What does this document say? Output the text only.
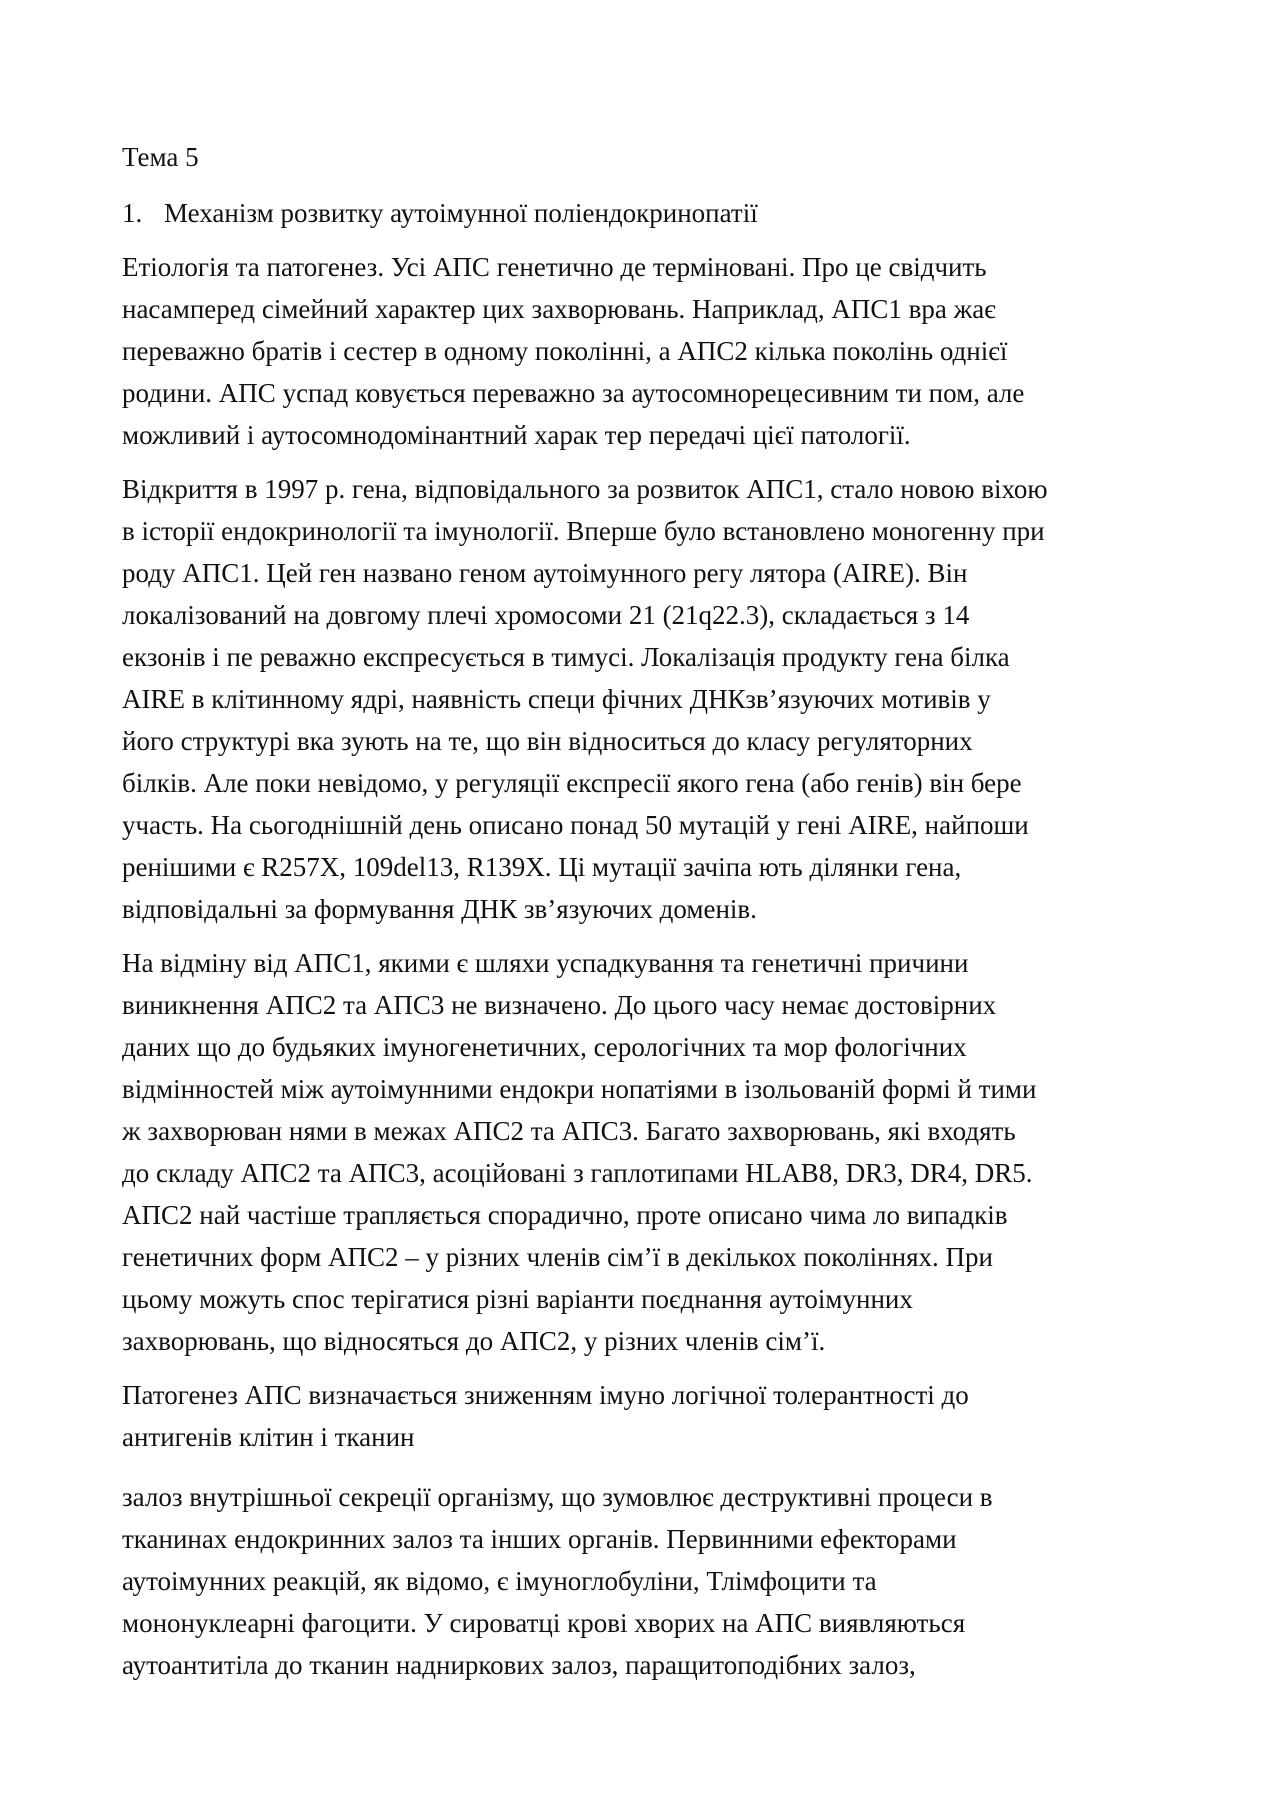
Тема 5

1. Механізм розвитку аутоімунної поліендокринопатії

Етіологія та патогенез. Усі АПС генетично де терміновані. Про це свідчить
насамперед сімейний характер цих захворювань. Наприклад, АПС1 вра жає
переважно братів і сестер в одному поколінні, а АПС2 кілька поколінь однієї
родини. АПС успад ковується переважно за аутосомнорецесивним ти пом, але
можливий і аутосомнодомінантний харак тер передачі цієї патології.

Відкриття в 1997 р. гена, відповідального за розвиток АПС1, стало новою віхою
в історії ендокринології та імунології. Вперше було встановлено моногенну при
роду АПС1. Цей ген названо геном аутоімунного регу лятора (AIRE). Він
локалізований на довгому плечі хромосоми 21 (21q22.3), складається з 14
екзонів і пе реважно експресується в тимусі. Локалізація продукту гена білка
AIRE в клітинному ядрі, наявність специ фічних ДНКзв’язуючих мотивів у
його структурі вка зують на те, що він відноситься до класу регуляторних
білків. Але поки невідомо, у регуляції експресії якого гена (або генів) він бере
участь. На сьогоднішній день описано понад 50 мутацій у гені AIRE, найпоши
ренішими є R257X, 109del13, R139X. Ці мутації зачіпа ють ділянки гена,
відповідальні за формування ДНК зв’язуючих доменів.

На відміну від АПС1, якими є шляхи успадкування та генетичні причини
виникнення АПС2 та АПС3 не визначено. До цього часу немає достовірних
даних що до будьяких імуногенетичних, серологічних та мор фологічних
відмінностей між аутоімунними ендокри нопатіями в ізольованій формі й тими
ж захворюван нями в межах АПС2 та АПС3. Багато захворювань, які входять
до складу АПС2 та АПС3, асоційовані з гаплотипами HLAB8, DR3, DR4, DR5.
АПС2 най частіше трапляється спорадично, проте описано чима ло випадків
генетичних форм АПС2 – у різних членів сім’ї в декількох поколіннях. При
цьому можуть спос терігатися різні варіанти поєднання аутоімунних
захворювань, що відносяться до АПС2, у різних членів сім’ї.

Патогенез АПС визначається зниженням імуно логічної толерантності до
антигенів клітин і тканин

залоз внутрішньої секреції організму, що зумовлює деструктивні процеси в
тканинах ендокринних залоз та інших органів. Первинними ефекторами
аутоімунних реакцій, як відомо, є імуноглобуліни, Тлімфоцити та
мононуклеарні фагоцити. У сироватці крові хворих на АПС виявляються
аутоантитіла до тканин надниркових залоз, паращитоподібних залоз,
